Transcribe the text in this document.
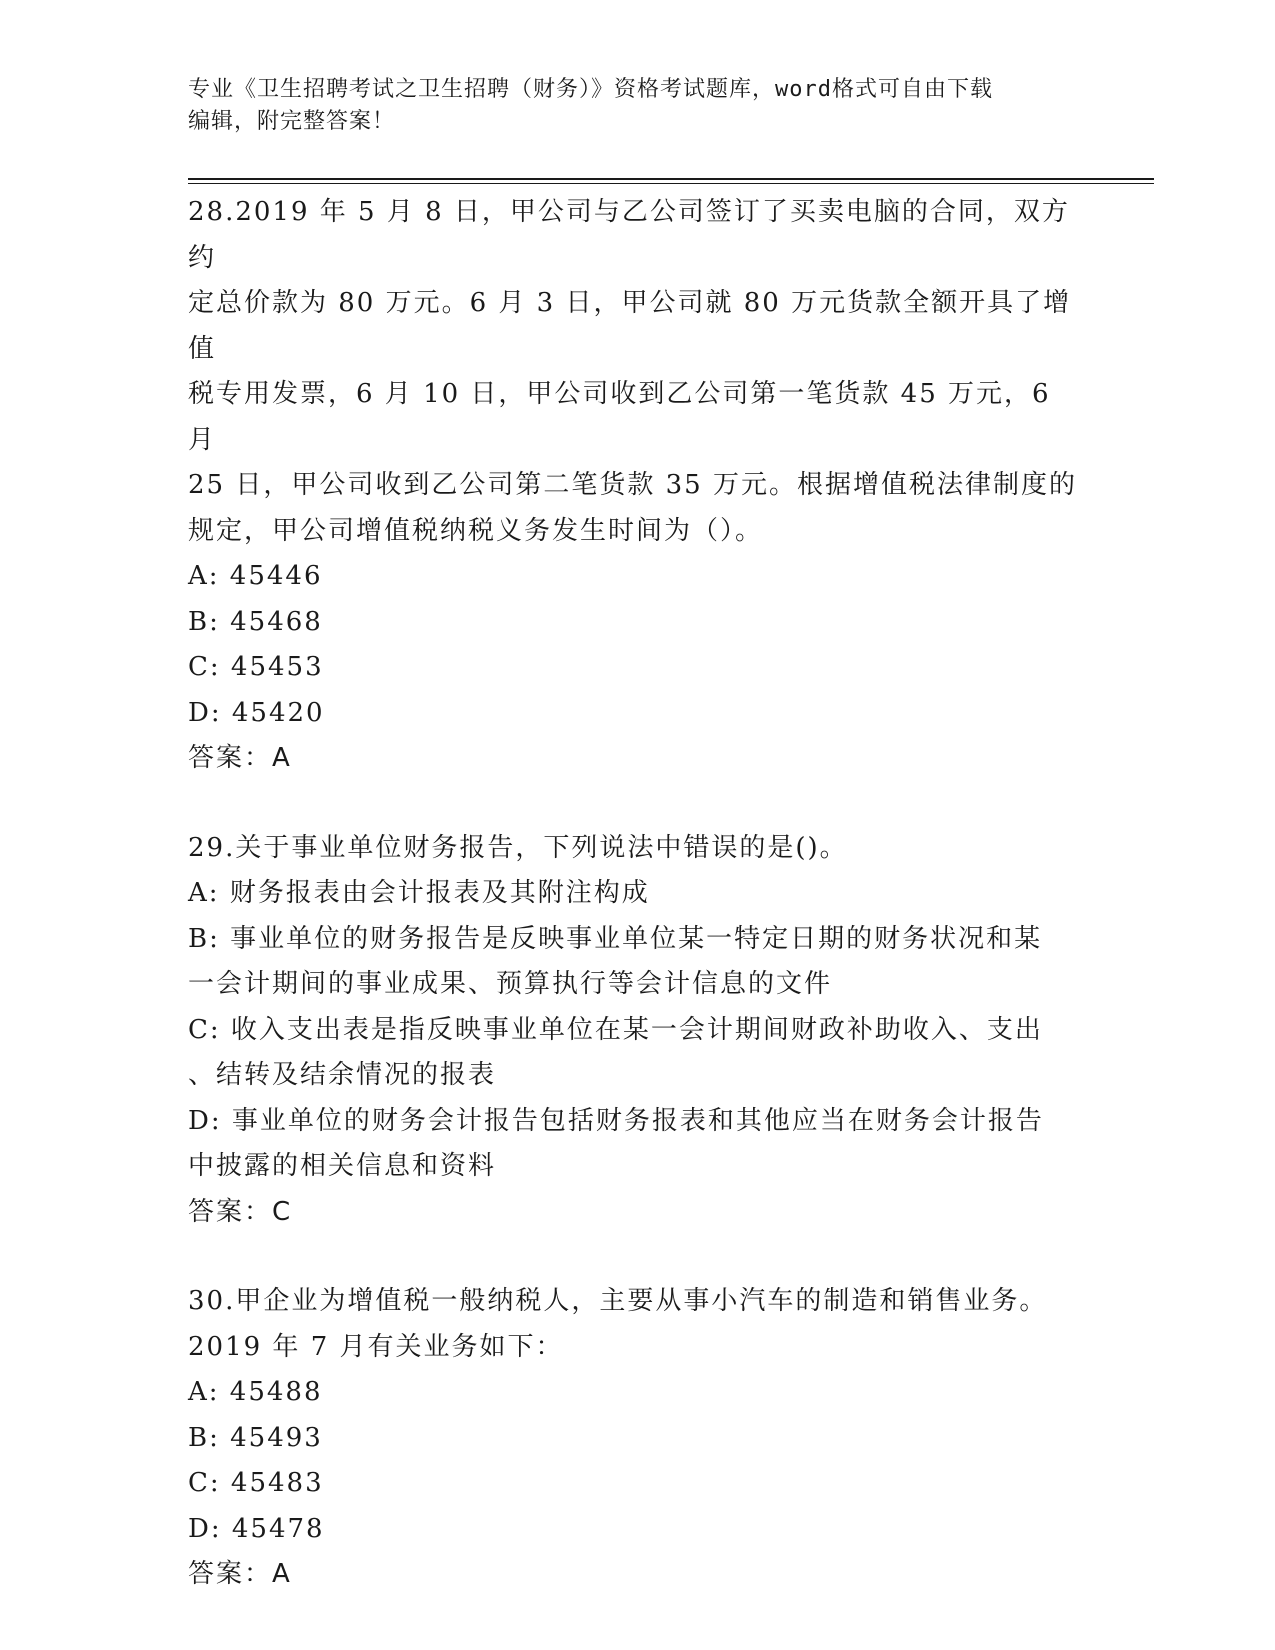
专业《卫生招聘考试之卫生招聘（财务）》资格考试题库，word格式可自由下载
编辑，附完整答案！

28.2019 年 5 月 8 日，甲公司与乙公司签订了买卖电脑的合同，双方约

定总价款为 80 万元。6 月 3 日，甲公司就 80 万元货款全额开具了增值

税专用发票，6 月 10 日，甲公司收到乙公司第一笔货款 45 万元，6 月

25 日，甲公司收到乙公司第二笔货款 35 万元。根据增值税法律制度的

规定，甲公司增值税纳税义务发生时间为（）。

A: 45446

B: 45468

C: 45453

D: 45420

答案：A

29.关于事业单位财务报告，下列说法中错误的是()。

A: 财务报表由会计报表及其附注构成

B: 事业单位的财务报告是反映事业单位某一特定日期的财务状况和某

一会计期间的事业成果、预算执行等会计信息的文件

C: 收入支出表是指反映事业单位在某一会计期间财政补助收入、支出

、结转及结余情况的报表

D: 事业单位的财务会计报告包括财务报表和其他应当在财务会计报告

中披露的相关信息和资料

答案：C

30.甲企业为增值税一般纳税人，主要从事小汽车的制造和销售业务。

2019 年 7 月有关业务如下：

A: 45488

B: 45493

C: 45483

D: 45478

答案：A
